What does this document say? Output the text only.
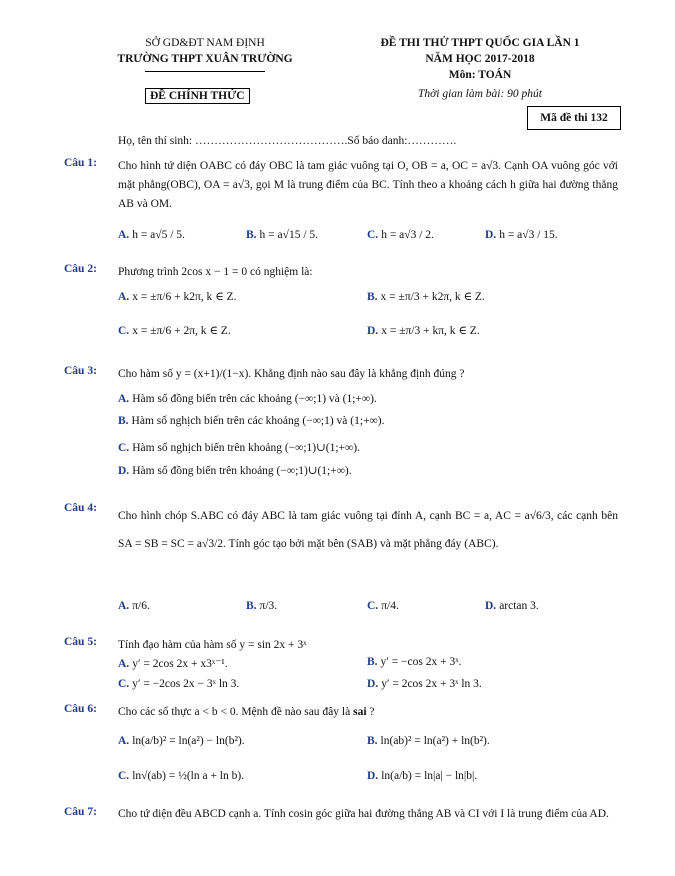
SỞ GD&ĐT NAM ĐỊNH
TRƯỜNG THPT XUÂN TRƯỜNG
ĐỀ CHÍNH THỨC
ĐỀ THI THỬ THPT QUỐC GIA LẦN 1
NĂM HỌC 2017-2018
Môn: TOÁN
Thời gian làm bài: 90 phút
Mã đề thi 132
Họ, tên thí sinh: ………………………………….Số báo danh:………….
Câu 1: Cho hình tứ diện OABC có đáy OBC là tam giác vuông tại O, OB = a, OC = a√3. Cạnh OA vuông góc với mặt phẳng(OBC), OA = a√3, gọi M là trung điểm của BC. Tính theo a khoảng cách h giữa hai đường thẳng AB và OM.
A. h = a√5 / 5.	B. h = a√15 / 5.	C. h = a√3 / 2.	D. h = a√3 / 15.
Câu 2: Phương trình 2cos x − 1 = 0 có nghiệm là:
A. x = ±π/6 + k2π, k ∈ Z.	B. x = ±π/3 + k2π, k ∈ Z.
C. x = ±π/6 + 2π, k ∈ Z.	D. x = ±π/3 + kπ, k ∈ Z.
Câu 3: Cho hàm số y = (x+1)/(1−x). Khẳng định nào sau đây là khẳng định đúng ?
A. Hàm số đồng biến trên các khoảng (−∞;1) và (1;+∞).
B. Hàm số nghịch biến trên các khoảng (−∞;1) và (1;+∞).
C. Hàm số nghịch biến trên khoảng (−∞;1)∪(1;+∞).
D. Hàm số đồng biến trên khoảng (−∞;1)∪(1;+∞).
Câu 4:
Cho hình chóp S.ABC có đáy ABC là tam giác vuông tại đỉnh A, cạnh BC = a, AC = a√6/3, các cạnh bên SA = SB = SC = a√3/2. Tính góc tạo bởi mặt bên (SAB) và mặt phẳng đáy (ABC).
A. π/6.	B. π/3.	C. π/4.	D. arctan 3.
Câu 5: Tính đạo hàm của hàm số y = sin 2x + 3ˣ
A. y′ = 2cos 2x + x3ˣ⁻¹.	B. y′ = −cos 2x + 3ˣ.
C. y′ = −2cos 2x − 3ˣ ln 3.	D. y′ = 2cos 2x + 3ˣ ln 3.
Câu 6: Cho các số thực a < b < 0. Mệnh đề nào sau đây là sai ?
A. ln(a/b)² = ln(a²) − ln(b²).	B. ln(ab)² = ln(a²) + ln(b²).
C. ln√(ab) = ½(ln a + ln b).	D. ln(a/b) = ln|a| − ln|b|.
Câu 7: Cho tứ diện đều ABCD cạnh a. Tính cosin góc giữa hai đường thẳng AB và CI với I là trung điểm của AD.
